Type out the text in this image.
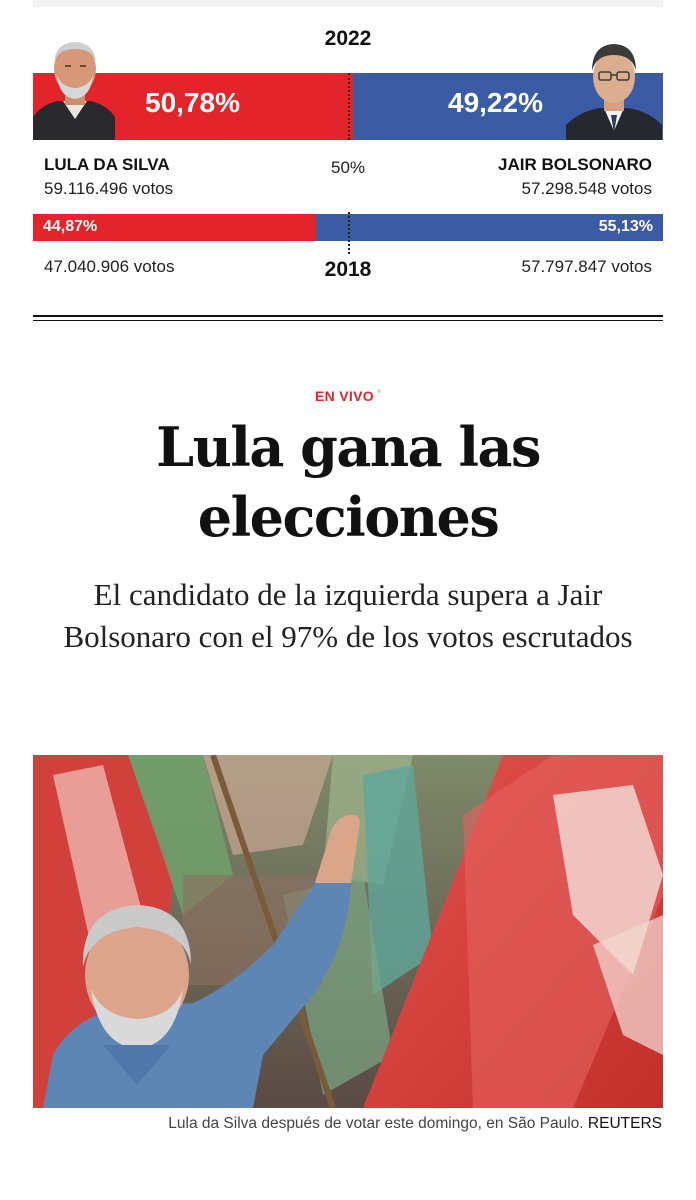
2022
50,78%	49,22%
50%
LULA DA SILVA	JAIR BOLSONARO
59.116.496 votos	57.298.548 votos
44,87%	55,13%
47.040.906 votos	2018	57.797.847 votos
EN VIVO
Lula gana las elecciones

El candidato de la izquierda supera a Jair Bolsonaro con el 97% de los votos escrutados

Lula da Silva después de votar este domingo, en São Paulo. REUTERS
